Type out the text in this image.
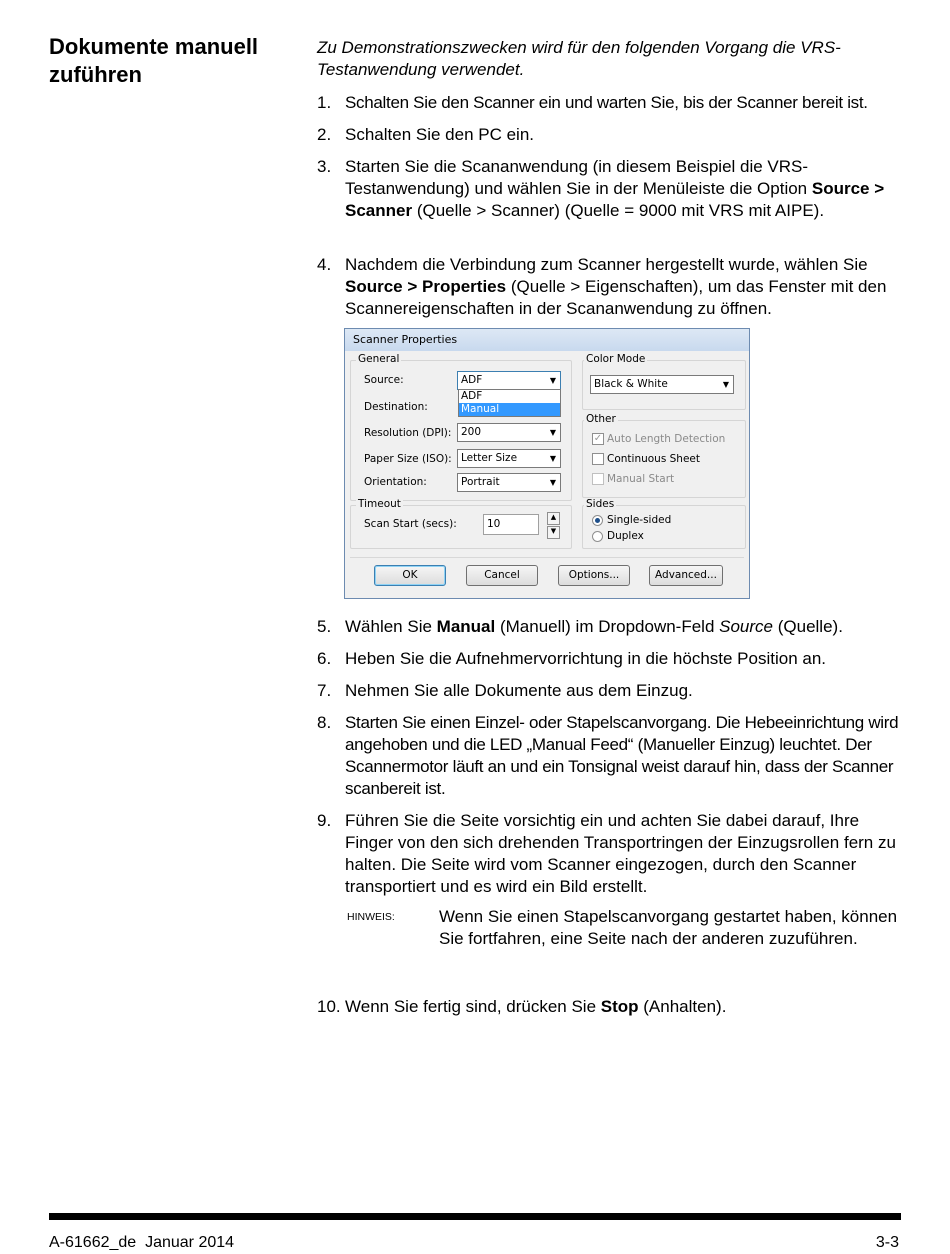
Dokumente manuell zuführen
Zu Demonstrationszwecken wird für den folgenden Vorgang die VRS-Testanwendung verwendet.
1. Schalten Sie den Scanner ein und warten Sie, bis der Scanner bereit ist.
2. Schalten Sie den PC ein.
3. Starten Sie die Scananwendung (in diesem Beispiel die VRS-Testanwendung) und wählen Sie in der Menüleiste die Option Source > Scanner (Quelle > Scanner) (Quelle = 9000 mit VRS mit AIPE).
4. Nachdem die Verbindung zum Scanner hergestellt wurde, wählen Sie Source > Properties (Quelle > Eigenschaften), um das Fenster mit den Scannereigenschaften in der Scananwendung zu öffnen.
Scanner Properties
General
Source:	ADF	▼
ADF
Manual
Destination:
Resolution (DPI): 200	▼
Paper Size (ISO): Letter Size	▼
Orientation:	Portrait	▼
Color Mode
Black & White	▼
Other
✓ Auto Length Detection
Continuous Sheet
Manual Start
Timeout
Scan Start (secs):	10
▲
▼
Sides
Single-sided
Duplex
OK	Cancel	Options...	Advanced...
5. Wählen Sie Manual (Manuell) im Dropdown-Feld Source (Quelle).
6. Heben Sie die Aufnehmervorrichtung in die höchste Position an.
7. Nehmen Sie alle Dokumente aus dem Einzug.
8. Starten Sie einen Einzel- oder Stapelscanvorgang. Die Hebeeinrichtung wird angehoben und die LED „Manual Feed“ (Manueller Einzug) leuchtet. Der Scannermotor läuft an und ein Tonsignal weist darauf hin, dass der Scanner scanbereit ist.
9. Führen Sie die Seite vorsichtig ein und achten Sie dabei darauf, Ihre Finger von den sich drehenden Transportringen der Einzugsrollen fern zu halten. Die Seite wird vom Scanner eingezogen, durch den Scanner transportiert und es wird ein Bild erstellt.
HINWEIS:	Wenn Sie einen Stapelscanvorgang gestartet haben, können Sie fortfahren, eine Seite nach der anderen zuzuführen.
10. Wenn Sie fertig sind, drücken Sie Stop (Anhalten).
A-61662_de  Januar 2014	3-3
